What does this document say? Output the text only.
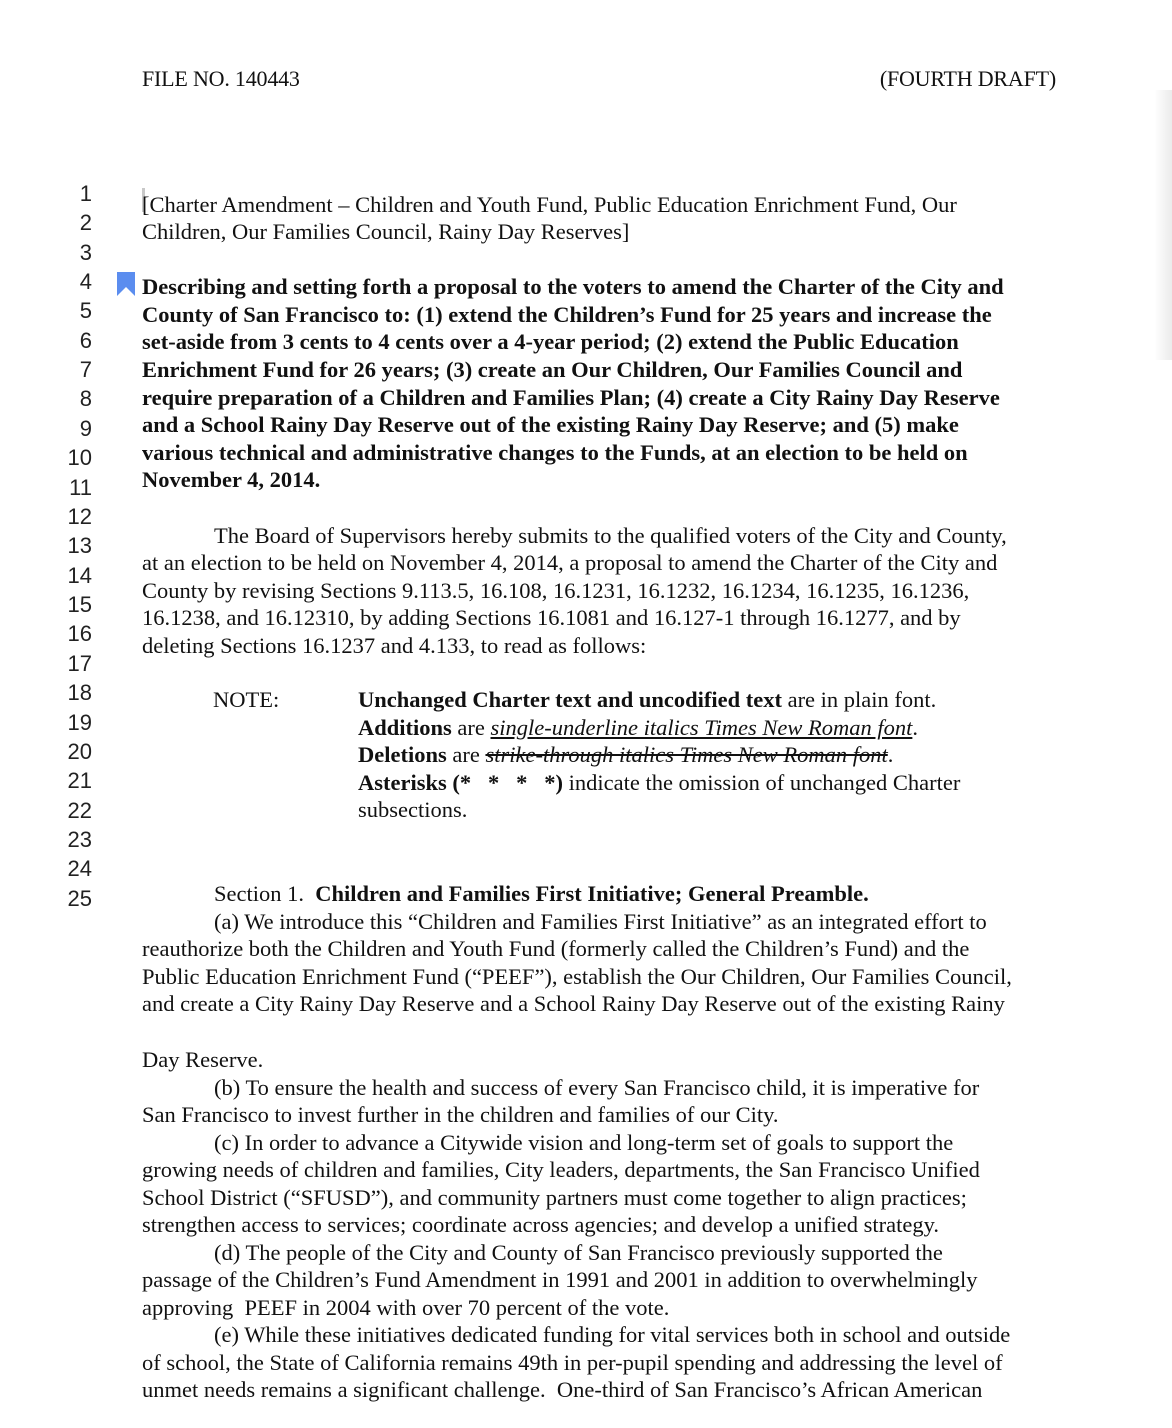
FILE NO. 140443	(FOURTH DRAFT)
1
2
3
4
5
6
7
8
9
10
11
12
13
14
15
16
17
18
19
20
21
22
23
24
25
[Charter Amendment – Children and Youth Fund, Public Education Enrichment Fund, Our
Children, Our Families Council, Rainy Day Reserves]
Describing and setting forth a proposal to the voters to amend the Charter of the City and
County of San Francisco to: (1) extend the Children’s Fund for 25 years and increase the
set-aside from 3 cents to 4 cents over a 4-year period; (2) extend the Public Education
Enrichment Fund for 26 years; (3) create an Our Children, Our Families Council and
require preparation of a Children and Families Plan; (4) create a City Rainy Day Reserve
and a School Rainy Day Reserve out of the existing Rainy Day Reserve; and (5) make
various technical and administrative changes to the Funds, at an election to be held on
November 4, 2014.
The Board of Supervisors hereby submits to the qualified voters of the City and County,
at an election to be held on November 4, 2014, a proposal to amend the Charter of the City and
County by revising Sections 9.113.5, 16.108, 16.1231, 16.1232, 16.1234, 16.1235, 16.1236,
16.1238, and 16.12310, by adding Sections 16.1081 and 16.127-1 through 16.1277, and by
deleting Sections 16.1237 and 4.133, to read as follows:
NOTE:	Unchanged Charter text and uncodified text are in plain font.
Additions are single-underline italics Times New Roman font.
Deletions are strike-through italics Times New Roman font.
Asterisks (*   *   *   *) indicate the omission of unchanged Charter
subsections.
Section 1.  Children and Families First Initiative; General Preamble.
(a) We introduce this “Children and Families First Initiative” as an integrated effort to
reauthorize both the Children and Youth Fund (formerly called the Children’s Fund) and the
Public Education Enrichment Fund (“PEEF”), establish the Our Children, Our Families Council,
and create a City Rainy Day Reserve and a School Rainy Day Reserve out of the existing Rainy
Day Reserve.
(b) To ensure the health and success of every San Francisco child, it is imperative for
San Francisco to invest further in the children and families of our City.
(c) In order to advance a Citywide vision and long-term set of goals to support the
growing needs of children and families, City leaders, departments, the San Francisco Unified
School District (“SFUSD”), and community partners must come together to align practices;
strengthen access to services; coordinate across agencies; and develop a unified strategy.
(d) The people of the City and County of San Francisco previously supported the
passage of the Children’s Fund Amendment in 1991 and 2001 in addition to overwhelmingly
approving  PEEF in 2004 with over 70 percent of the vote.
(e) While these initiatives dedicated funding for vital services both in school and outside
of school, the State of California remains 49th in per-pupil spending and addressing the level of
unmet needs remains a significant challenge.  One-third of San Francisco’s African American
